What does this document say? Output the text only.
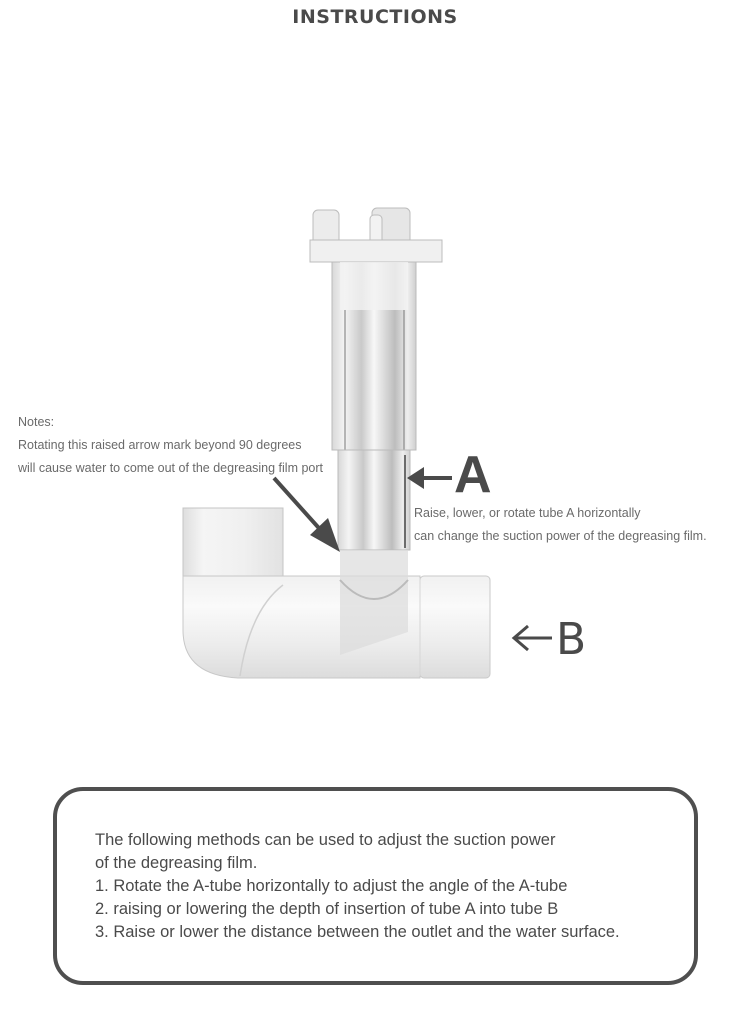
INSTRUCTIONS
Notes:
Rotating this raised arrow mark beyond 90 degrees
will cause water to come out of the degreasing film port	A
Raise, lower, or rotate tube A horizontally
can change the suction power of the degreasing film.
B
The following methods can be used to adjust the suction power
of the degreasing film.
1. Rotate the A-tube horizontally to adjust the angle of the A-tube
2. raising or lowering the depth of insertion of tube A into tube B
3. Raise or lower the distance between the outlet and the water surface.
